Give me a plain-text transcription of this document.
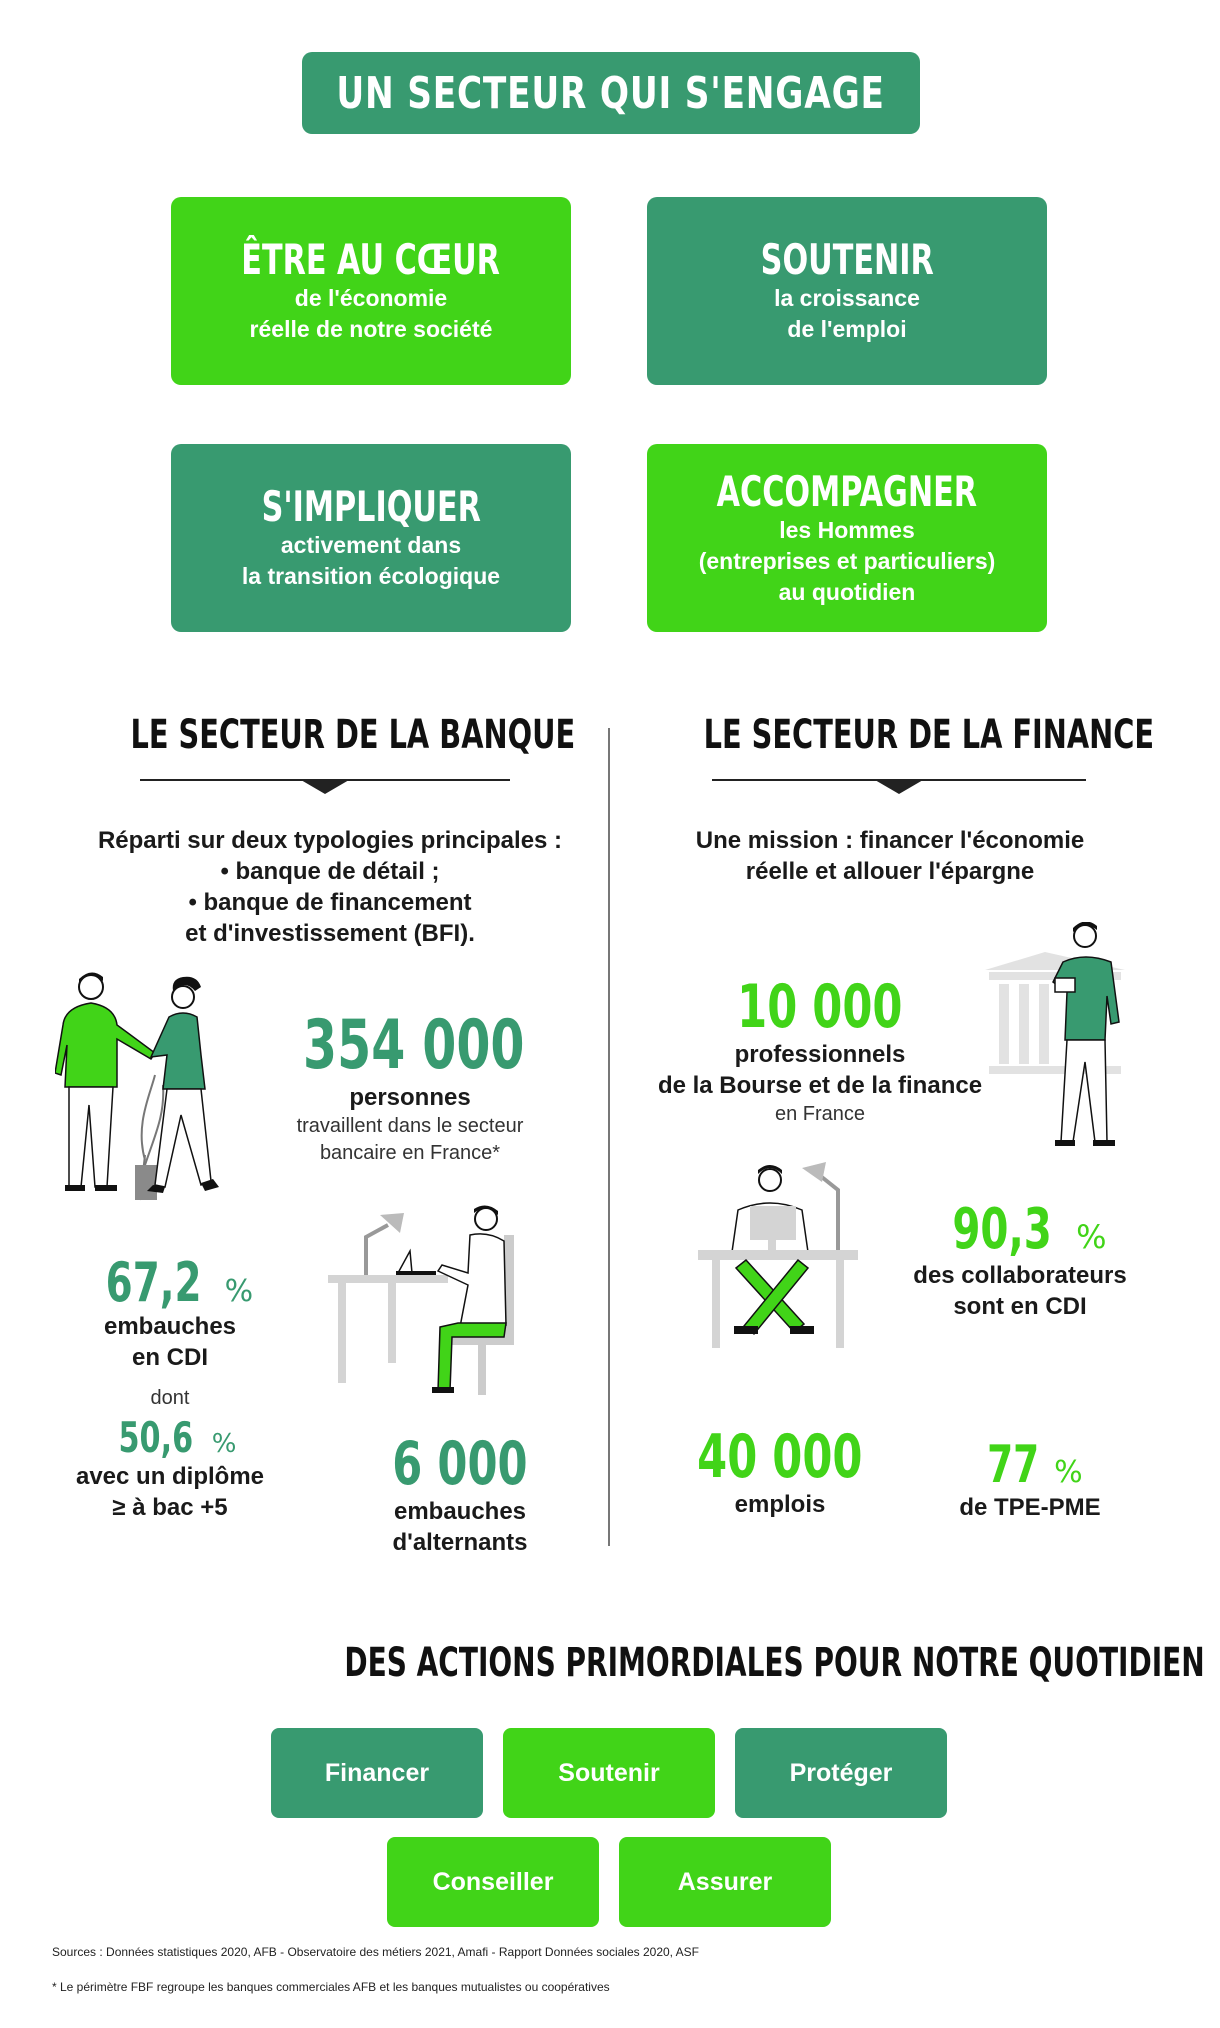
UN SECTEUR QUI S'ENGAGE
ÊTRE AU CŒUR
de l'économie
réelle de notre société
SOUTENIR
la croissance
de l'emploi
S'IMPLIQUER
activement dans
la transition écologique
ACCOMPAGNER
les Hommes
(entreprises et particuliers)
au quotidien
LE SECTEUR DE LA BANQUE	LE SECTEUR DE LA FINANCE
Réparti sur deux typologies principales :
• banque de détail ;
• banque de financement
et d'investissement (BFI).
Une mission : financer l'économie
réelle et allouer l'épargne
354 000
personnes
travaillent dans le secteur
bancaire en France*
67,2 %
embauches
en CDI
dont
50,6 %
avec un diplôme
≥ à bac +5
6 000
embauches
d'alternants
10 000
professionnels
de la Bourse et de la finance
en France
90,3 %
des collaborateurs
sont en CDI
40 000
emplois
77 %
de TPE-PME
DES ACTIONS PRIMORDIALES POUR NOTRE QUOTIDIEN
Financer	Soutenir	Protéger
Conseiller	Assurer
Sources : Données statistiques 2020, AFB - Observatoire des métiers 2021, Amafi - Rapport Données sociales 2020, ASF
* Le périmètre FBF regroupe les banques commerciales AFB et les banques mutualistes ou coopératives
